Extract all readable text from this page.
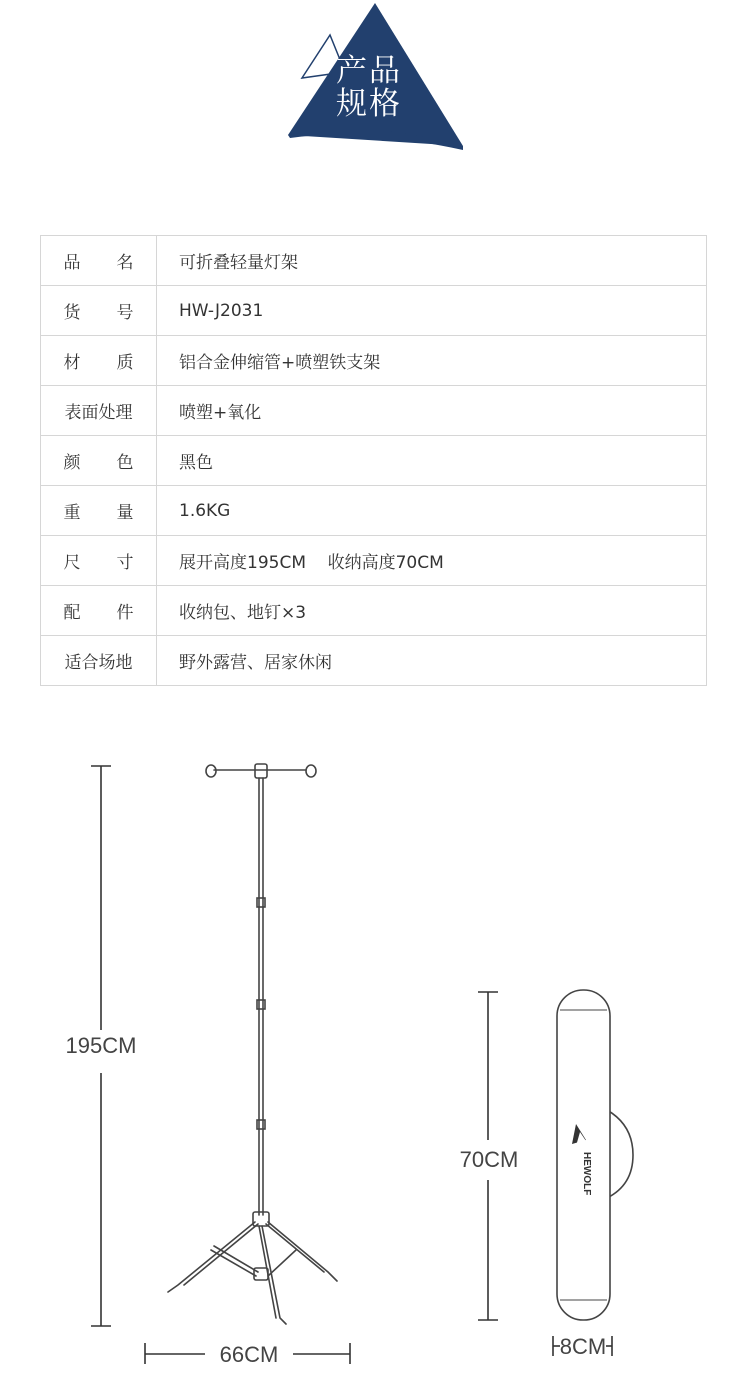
产品
规格
品名	可折叠轻量灯架
货号	HW-J2031
材质	铝合金伸缩管+喷塑铁支架
表面处理	喷塑+氧化
颜色	黑色
重量	1.6KG
尺寸	展开高度195CM    收纳高度70CM
配件	收纳包、地钉×3
适合场地	野外露营、居家休闲
195CM
66CM
70CM	HEWOLF
8CM
